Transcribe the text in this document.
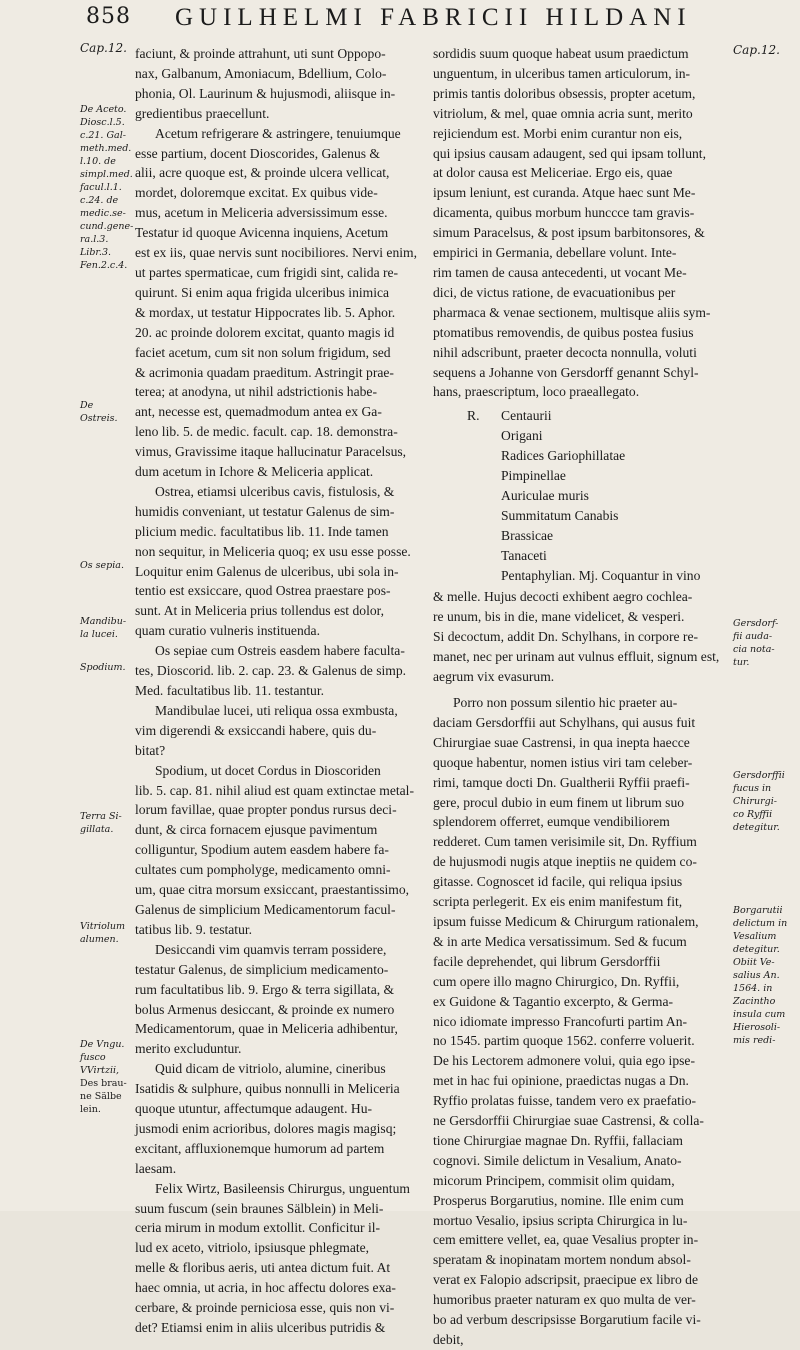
858 GUILHELMI FABRICII HILDANI
Cap.12.
De Aceto.
Diosc.l.5.
c.21. Gal-
meth.med.
l.10. de
simpl.med.
facul.l.1.
c.24. de
medic.se-
cund.gene-
ra.l.3.
Libr.3.
Fen.2.c.4.
De Ostreis.
Os sepia.
Mandibu-
la lucei.
Spodium.
Terra Si-
gillata.
Vitriolum
alumen.
De Vngu.
fusco
VVirtzii,
Des brau-
ne Sälbe
lein.

faciunt, & proinde attrahunt, uti sunt Oppopo-
nax, Galbanum, Amoniacum, Bdellium, Colo-
phonia, Ol. Laurinum & hujusmodi, aliisque in-
gredientibus praecellunt.

Acetum refrigerare & astringere, tenuiumque
esse partium, docent Dioscorides, Galenus &
alii, acre quoque est, & proinde ulcera vellicat,
mordet, doloremque excitat. Ex quibus vide-
mus, acetum in Meliceria adversissimum esse.
Testatur id quoque Avicenna inquiens, Acetum
est ex iis, quae nervis sunt nocibiliores. Nervi enim,
ut partes spermaticae, cum frigidi sint, calida re-
quirunt. Si enim aqua frigida ulceribus inimica
& mordax, ut testatur Hippocrates lib. 5. Aphor.
20. ac proinde dolorem excitat, quanto magis id
faciet acetum, cum sit non solum frigidum, sed
& acrimonia quadam praeditum. Astringit prae-
terea; at anodyna, ut nihil adstrictionis habe-
ant, necesse est, quemadmodum antea ex Ga-
leno lib. 5. de medic. facult. cap. 18. demonstra-
vimus, Gravissime itaque hallucinatur Paracelsus,
dum acetum in Ichore & Meliceria applicat.

Ostrea, etiamsi ulceribus cavis, fistulosis, &
humidis conveniant, ut testatur Galenus de sim-
plicium medic. facultatibus lib. 11. Inde tamen
non sequitur, in Meliceria quoq; ex usu esse posse.
Loquitur enim Galenus de ulceribus, ubi sola in-
tentio est exsiccare, quod Ostrea praestare pos-
sunt. At in Meliceria prius tollendus est dolor,
quam curatio vulneris instituenda.

Os sepiae cum Ostreis easdem habere faculta-
tes, Dioscorid. lib. 2. cap. 23. & Galenus de simp.
Med. facultatibus lib. 11. testantur.

Mandibulae lucei, uti reliqua ossa exmbusta,
vim digerendi & exsiccandi habere, quis du-
bitat?

Spodium, ut docet Cordus in Dioscoriden
lib. 5. cap. 81. nihil aliud est quam extinctae metal-
lorum favillae, quae propter pondus rursus deci-
dunt, & circa fornacem ejusque pavimentum
colliguntur, Spodium autem easdem habere fa-
cultates cum pompholyge, medicamento omni-
um, quae citra morsum exsiccant, praestantissimo,
Galenus de simplicium Medicamentorum facul-
tatibus lib. 9. testatur.

Desiccandi vim quamvis terram possidere,
testatur Galenus, de simplicium medicamento-
rum facultatibus lib. 9. Ergo & terra sigillata, &
bolus Armenus desiccant, & proinde ex numero
Medicamentorum, quae in Meliceria adhibentur,
merito excluduntur.

Quid dicam de vitriolo, alumine, cineribus
Isatidis & sulphure, quibus nonnulli in Meliceria
quoque utuntur, affectumque adaugent. Hu-
jusmodi enim acrioribus, dolores magis magisq;
excitant, affluxionemque humorum ad partem
laesam.

Felix Wirtz, Basileensis Chirurgus, unguentum
suum fuscum (sein braunes Sälblein) in Meli-
ceria mirum in modum extollit. Conficitur il-
lud ex aceto, vitriolo, ipsiusque phlegmate,
melle & floribus aeris, uti antea dictum fuit. At
haec omnia, ut acria, in hoc affectu dolores exa-
cerbare, & proinde perniciosa esse, quis non vi-
det? Etiamsi enim in aliis ulceribus putridis &

sordidis suum quoque habeat usum praedictum
unguentum, in ulceribus tamen articulorum, in-
primis tantis doloribus obsessis, propter acetum,
vitriolum, & mel, quae omnia acria sunt, merito
rejiciendum est. Morbi enim curantur non eis,
qui ipsius causam adaugent, sed qui ipsam tollunt,
at dolor causa est Meliceriae. Ergo eis, quae
ipsum leniunt, est curanda. Atque haec sunt Me-
dicamenta, quibus morbum hunccce tam gravis-
simum Paracelsus, & post ipsum barbitonsores, &
empirici in Germania, debellare volunt. Inte-
rim tamen de causa antecedenti, ut vocant Me-
dici, de victus ratione, de evacuationibus per
pharmaca & venae sectionem, multisque aliis sym-
ptomatibus removendis, de quibus postea fusius
nihil adscribunt, praeter decocta nonnulla, voluti
sequens a Johanne von Gersdorff genannt Schyl-
hans, praescriptum, loco praeallegato.

R. Centaurii
Origani
Radices Gariophillatae
Pimpinellae
Auriculae muris
Summitatum Canabis
Brassicae
Tanaceti
Pentaphylian. Mj. Coquantur in vino

& melle. Hujus decocti exhibent aegro cochlea-
re unum, bis in die, mane videlicet, & vesperi.
Si decoctum, addit Dn. Schylhans, in corpore re-
manet, nec per urinam aut vulnus effluit, signum est,
aegrum vix evasurum.

Porro non possum silentio hic praeter au-
daciam Gersdorffii aut Schylhans, qui ausus fuit
Chirurgiae suae Castrensi, in qua inepta haecce
quoque habentur, nomen istius viri tam celeber-
rimi, tamque docti Dn. Gualtherii Ryffii praefi-
gere, procul dubio in eum finem ut librum suo
splendorem offerret, eumque vendibiliorem
redderet. Cum tamen verisimile sit, Dn. Ryffium
de hujusmodi nugis atque ineptiis ne quidem co-
gitasse. Cognoscet id facile, qui reliqua ipsius
scripta perlegerit. Ex eis enim manifestum fit,
ipsum fuisse Medicum & Chirurgum rationalem,
& in arte Medica versatissimum. Sed & fucum
facile deprehendet, qui librum Gersdorffii
cum opere illo magno Chirurgico, Dn. Ryffii,
ex Guidone & Tagantio excerpto, & Germa-
nico idiomate impresso Francofurti partim An-
no 1545. partim quoque 1562. conferre voluerit.
De his Lectorem admonere volui, quia ego ipse-
met in hac fui opinione, praedictas nugas a Dn.
Ryffio prolatas fuisse, tandem vero ex praefatio-
ne Gersdorffii Chirurgiae suae Castrensi, & colla-
tione Chirurgiae magnae Dn. Ryffii, fallaciam
cognovi. Simile delictum in Vesalium, Anato-
micorum Principem, commisit olim quidam,
Prosperus Borgarutius, nomine. Ille enim cum
mortuo Vesalio, ipsius scripta Chirurgica in lu-
cem emittere vellet, ea, quae Vesalius propter in-
speratam & inopinatam mortem nondum absol-
verat ex Falopio adscripsit, praecipue ex libro de
humoribus praeter naturam ex quo multa de ver-
bo ad verbum descripsisse Borgarutium facile vi-
debit,

Cap.12.
Gersdorf-
fii auda-
cia nota-
tur.
Gersdorffii
fucus in
Chirurgi-
co Ryffii
detegitur.
Borgarutii
delictum in
Vesalium
detegitur.
Obiit Ve-
salius An.
1564. in
Zacintho
insula cum
Hierosoli-
mis redi-
